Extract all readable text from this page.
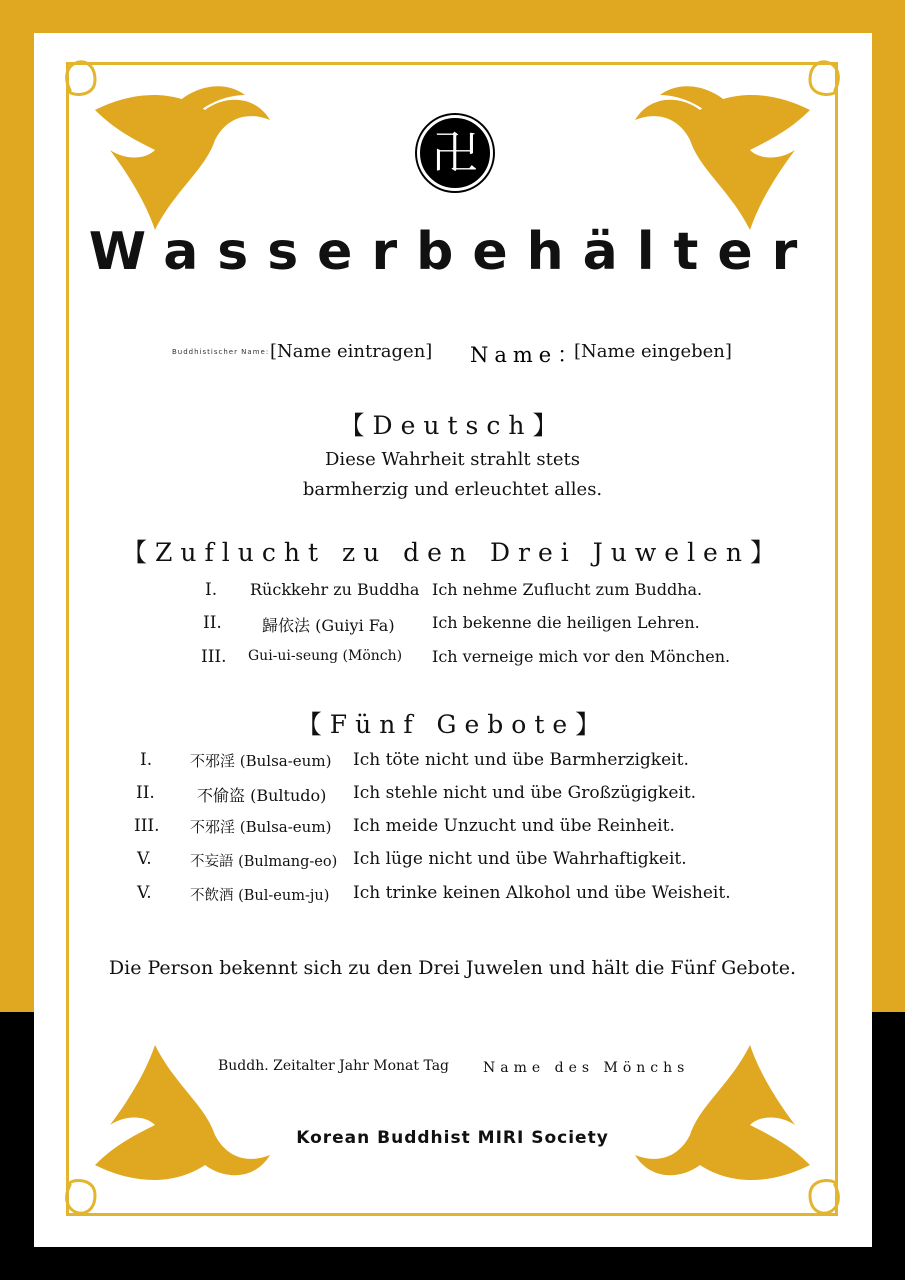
卍
Wasserbehälter
Buddhistischer Name: [Name eintragen] Name：
[Name eingeben]
【Deutsch】
Diese Wahrheit strahlt stets
barmherzig und erleuchtet alles.
【Zuflucht zu den Drei Juwelen】
I. Rückkehr zu Buddha Ich nehme Zuflucht zum Buddha.
II.	歸依法 (Guiyi Fa) Ich bekenne die heiligen Lehren.
III. Gui-ui-seung (Mönch) Ich verneige mich vor den Mönchen.
【Fünf Gebote】
I.	不邪淫 (Bulsa-eum) Ich töte nicht und übe Barmherzigkeit.
II.	不偷盗 (Bultudo) Ich stehle nicht und übe Großzügigkeit.
III. 不邪淫 (Bulsa-eum) Ich meide Unzucht und übe Reinheit.
V.	不妄語 (Bulmang-eo) Ich lüge nicht und übe Wahrhaftigkeit.
V.	不飲酒 (Bul-eum-ju) Ich trinke keinen Alkohol und übe Weisheit.
Die Person bekennt sich zu den Drei Juwelen und hält die Fünf Gebote.
Buddh. Zeitalter Jahr Monat Tag Name des Mönchs
Korean Buddhist MIRI Society
